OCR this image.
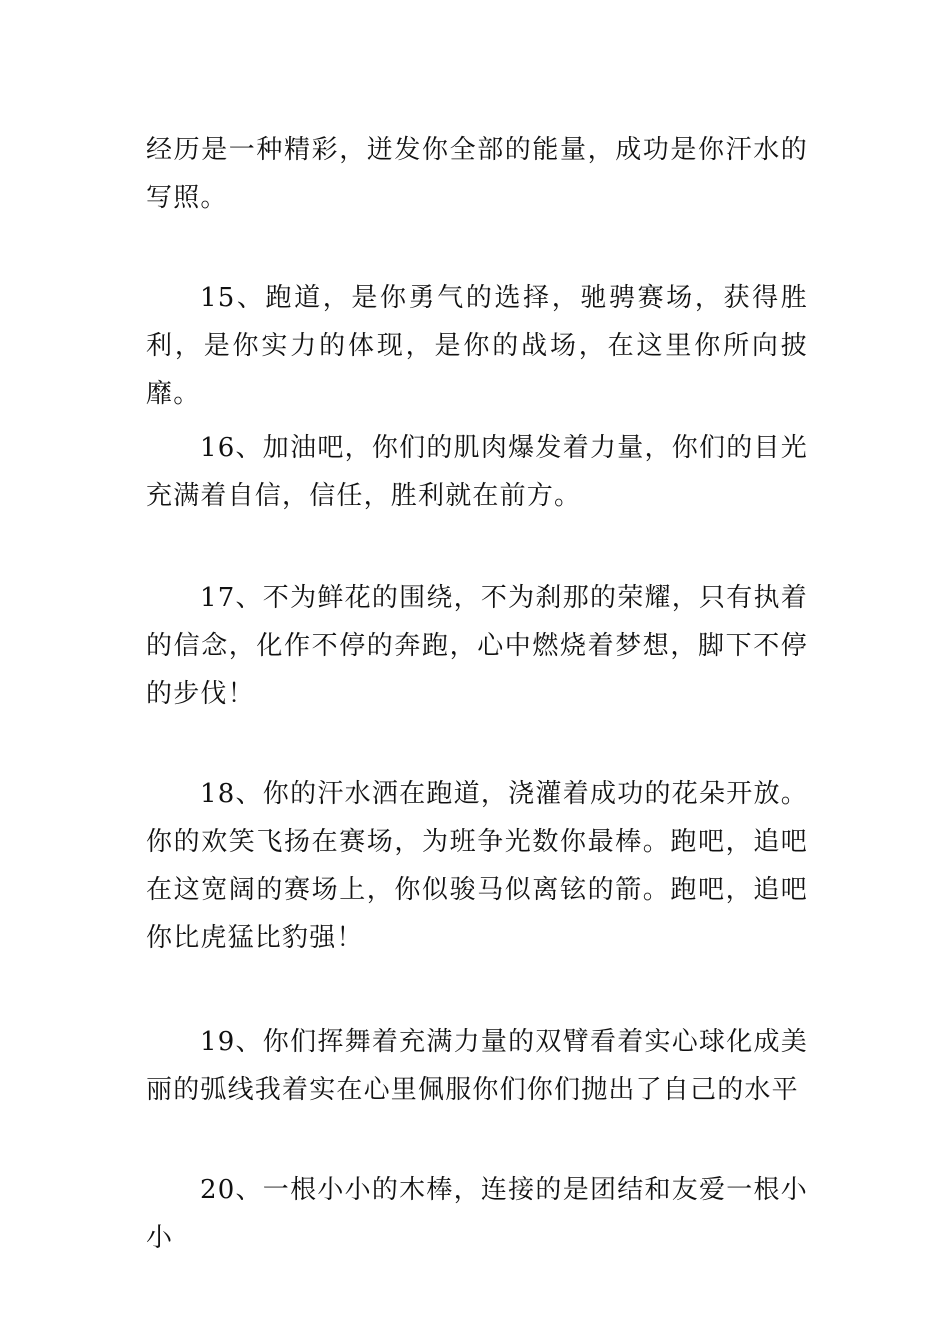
经历是一种精彩，迸发你全部的能量，成功是你汗水的写照。

15、跑道，是你勇气的选择，驰骋赛场，获得胜利，是你实力的体现，是你的战场，在这里你所向披靡。

16、加油吧，你们的肌肉爆发着力量，你们的目光充满着自信，信任，胜利就在前方。

17、不为鲜花的围绕，不为刹那的荣耀，只有执着的信念，化作不停的奔跑，心中燃烧着梦想，脚下不停的步伐！

18、你的汗水洒在跑道，浇灌着成功的花朵开放。你的欢笑飞扬在赛场，为班争光数你最棒。跑吧，追吧在这宽阔的赛场上，你似骏马似离铉的箭。跑吧，追吧你比虎猛比豹强！

19、你们挥舞着充满力量的双臂看着实心球化成美丽的弧线我着实在心里佩服你们你们抛出了自己的水平

20、一根小小的木棒，连接的是团结和友爱一根小小
